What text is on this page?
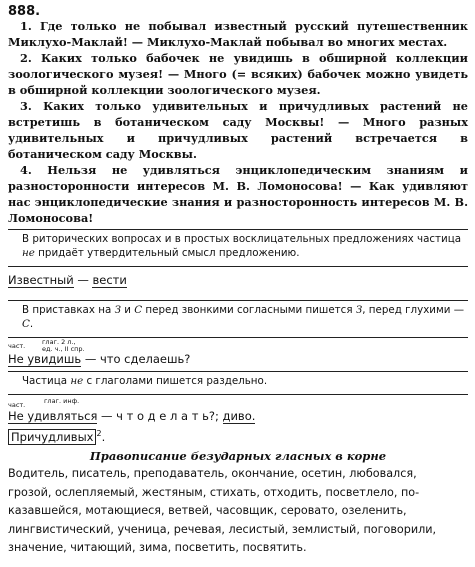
888.
1. Где только не побывал известный русский путешественник Миклухо-Маклай! — Миклухо-Маклай побывал во многих местах.
2. Каких только бабочек не увидишь в обширной коллекции зоологического музея! — Много (= всяких) бабочек можно увидеть в обширной коллекции зоологического музея.
3. Каких только удивительных и причудливых растений не встретишь в ботаническом саду Москвы! — Много разных удивительных и причудливых растений встречается в ботаническом саду Москвы.
4. Нельзя не удивляться энциклопедическим знаниям и разносторонности интересов М. В. Ломоносова! — Как удивляют нас энциклопедические знания и разносторонность интересов М. В. Ломоносова!
В риторических вопросах и в простых восклицательных предложениях частица не придаёт утвердительный смысл предложению.
Известный — вести
В приставках на З и С перед звонкими согласными пишется З, перед глухими — С.
част.	глаг. 2 л.,
ед. ч., II спр.
Не увидишь — что сделаешь?
Частица не с глаголами пишется раздельно.
част.	глаг. инф.
Не удивляться — ч т о д е л а т ь?; диво.
Причудливых $^2$.
Правописание безударных гласных в корне
Водитель, писатель, преподаватель, окончание, осетин, любовался,
грозой, ослепляемый, жестяным, стихать, отходить, посветлело, по-
казавшейся, мотающиеся, ветвей, часовщик, серовато, озеленить,
лингвистический, ученица, речевая, лесистый, землистый, поговорили,
значение, читающий, зима, посветить, посвятить.
